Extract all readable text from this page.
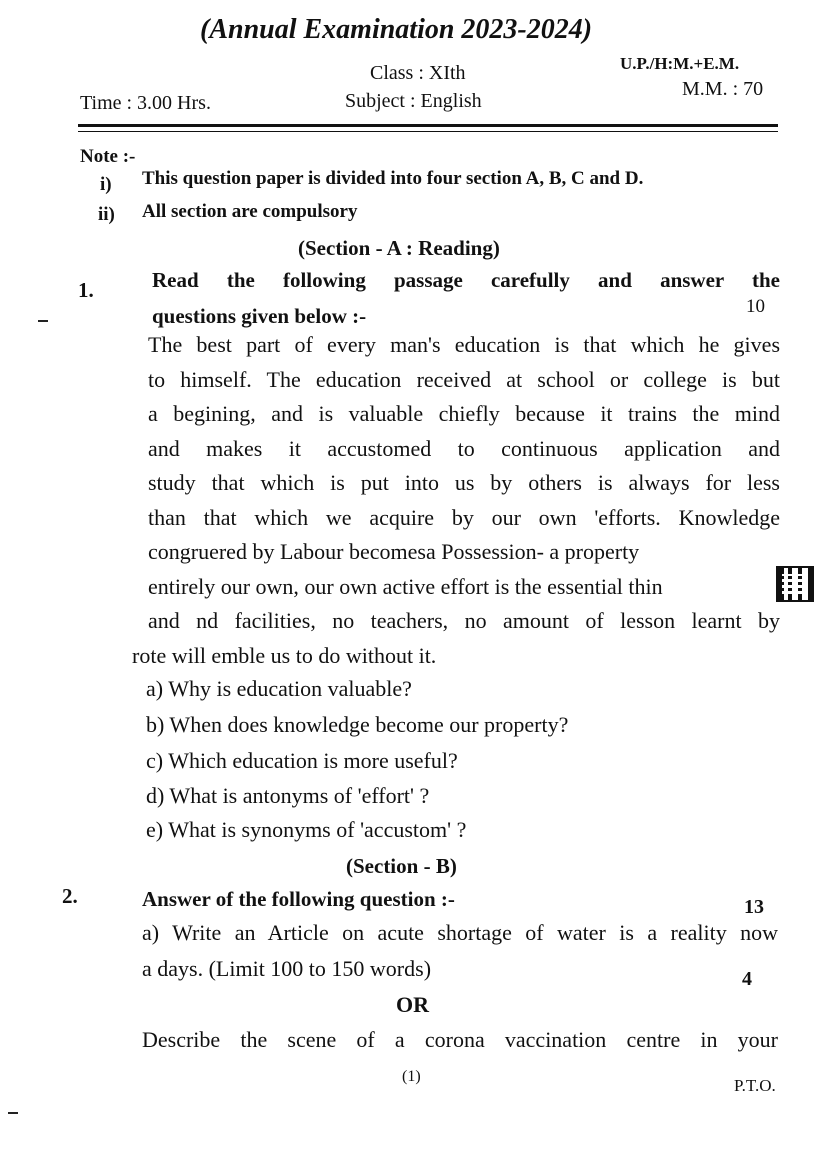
(Annual Examination 2023-2024)
Class : XIth	U.P./H:M.+E.M.
Time : 3.00 Hrs.	Subject : English
M.M. : 70
Note :-
i) This question paper is divided into four section A, B, C and D.
ii) All section are compulsory
(Section - A : Reading)
1.	Read the following passage carefully and answer the
questions given below :-	10

The best part of every man's education is that which he gives

to himself. The education received at school or college is but

a begining, and is valuable chiefly because it trains the mind

and makes it accustomed to continuous application and

study that which is put into us by others is always for less

than that which we acquire by our own 'efforts. Knowledge

congruered by Labour becomesa Possession- a property

entirely our own, our own active effort is the essential thin

and nd facilities, no teachers, no amount of lesson learnt by

rote will emble us to do without it.

a) Why is education valuable?
b) When does knowledge become our property?
c) Which education is more useful?
d) What is antonyms of 'effort' ?
e) What is synonyms of 'accustom' ?
(Section - B)
2.	Answer of the following question :-	13
a) Write an Article on acute shortage of water is a reality now
a days. (Limit 100 to 150 words)	4
OR
Describe the scene of a corona vaccination centre in your
(1)	P.T.O.
